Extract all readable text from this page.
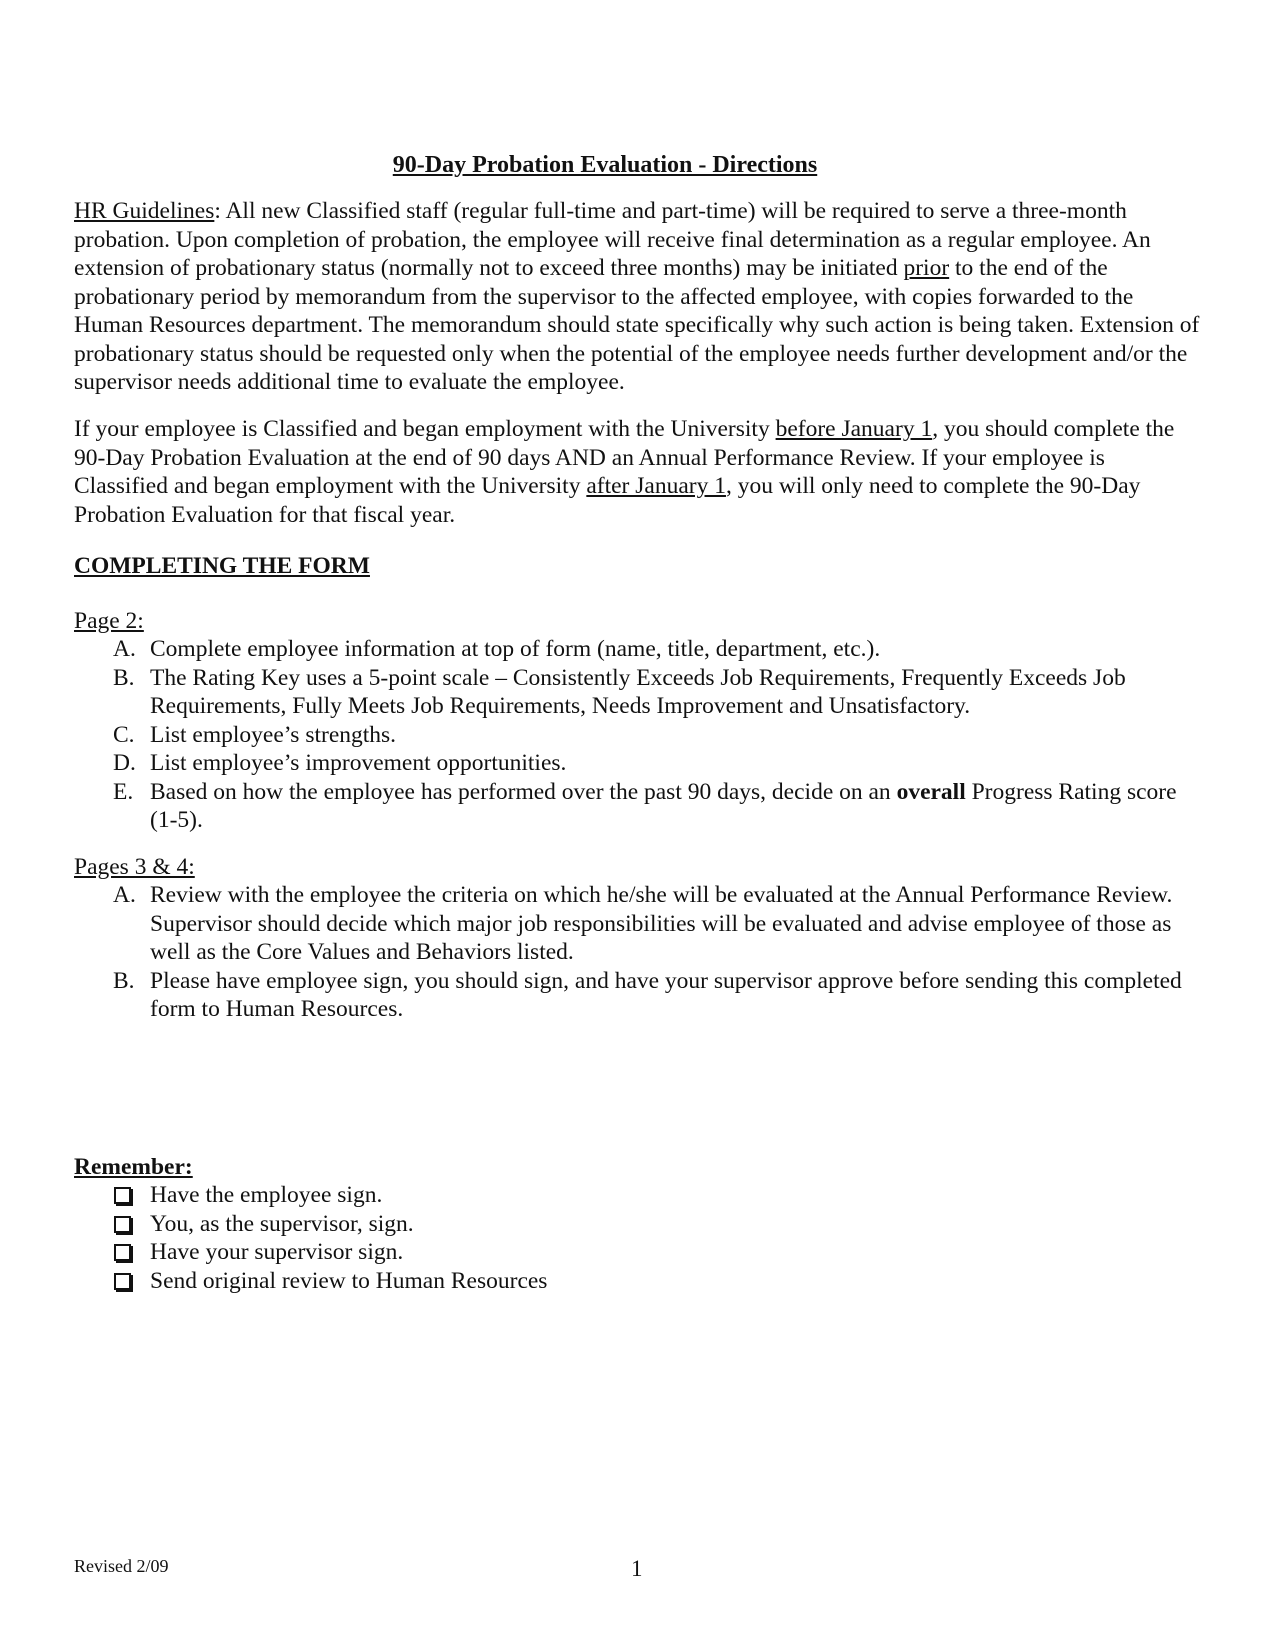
90-Day Probation Evaluation - Directions

HR Guidelines: All new Classified staff (regular full-time and part-time) will be required to serve a three-month probation. Upon completion of probation, the employee will receive final determination as a regular employee. An extension of probationary status (normally not to exceed three months) may be initiated prior to the end of the probationary period by memorandum from the supervisor to the affected employee, with copies forwarded to the Human Resources department. The memorandum should state specifically why such action is being taken. Extension of probationary status should be requested only when the potential of the employee needs further development and/or the supervisor needs additional time to evaluate the employee.

If your employee is Classified and began employment with the University before January 1, you should complete the 90-Day Probation Evaluation at the end of 90 days AND an Annual Performance Review. If your employee is Classified and began employment with the University after January 1, you will only need to complete the 90-Day Probation Evaluation for that fiscal year.

COMPLETING THE FORM
Page 2:
A. Complete employee information at top of form (name, title, department, etc.).
B. The Rating Key uses a 5-point scale – Consistently Exceeds Job Requirements, Frequently Exceeds Job Requirements, Fully Meets Job Requirements, Needs Improvement and Unsatisfactory.
C. List employee’s strengths.
D. List employee’s improvement opportunities.
E. Based on how the employee has performed over the past 90 days, decide on an overall Progress Rating score (1-5).
Pages 3 & 4:
A. Review with the employee the criteria on which he/she will be evaluated at the Annual Performance Review. Supervisor should decide which major job responsibilities will be evaluated and advise employee of those as well as the Core Values and Behaviors listed.
B. Please have employee sign, you should sign, and have your supervisor approve before sending this completed form to Human Resources.
Remember:
Have the employee sign.
You, as the supervisor, sign.
Have your supervisor sign.
Send original review to Human Resources
Revised 2/09	1
